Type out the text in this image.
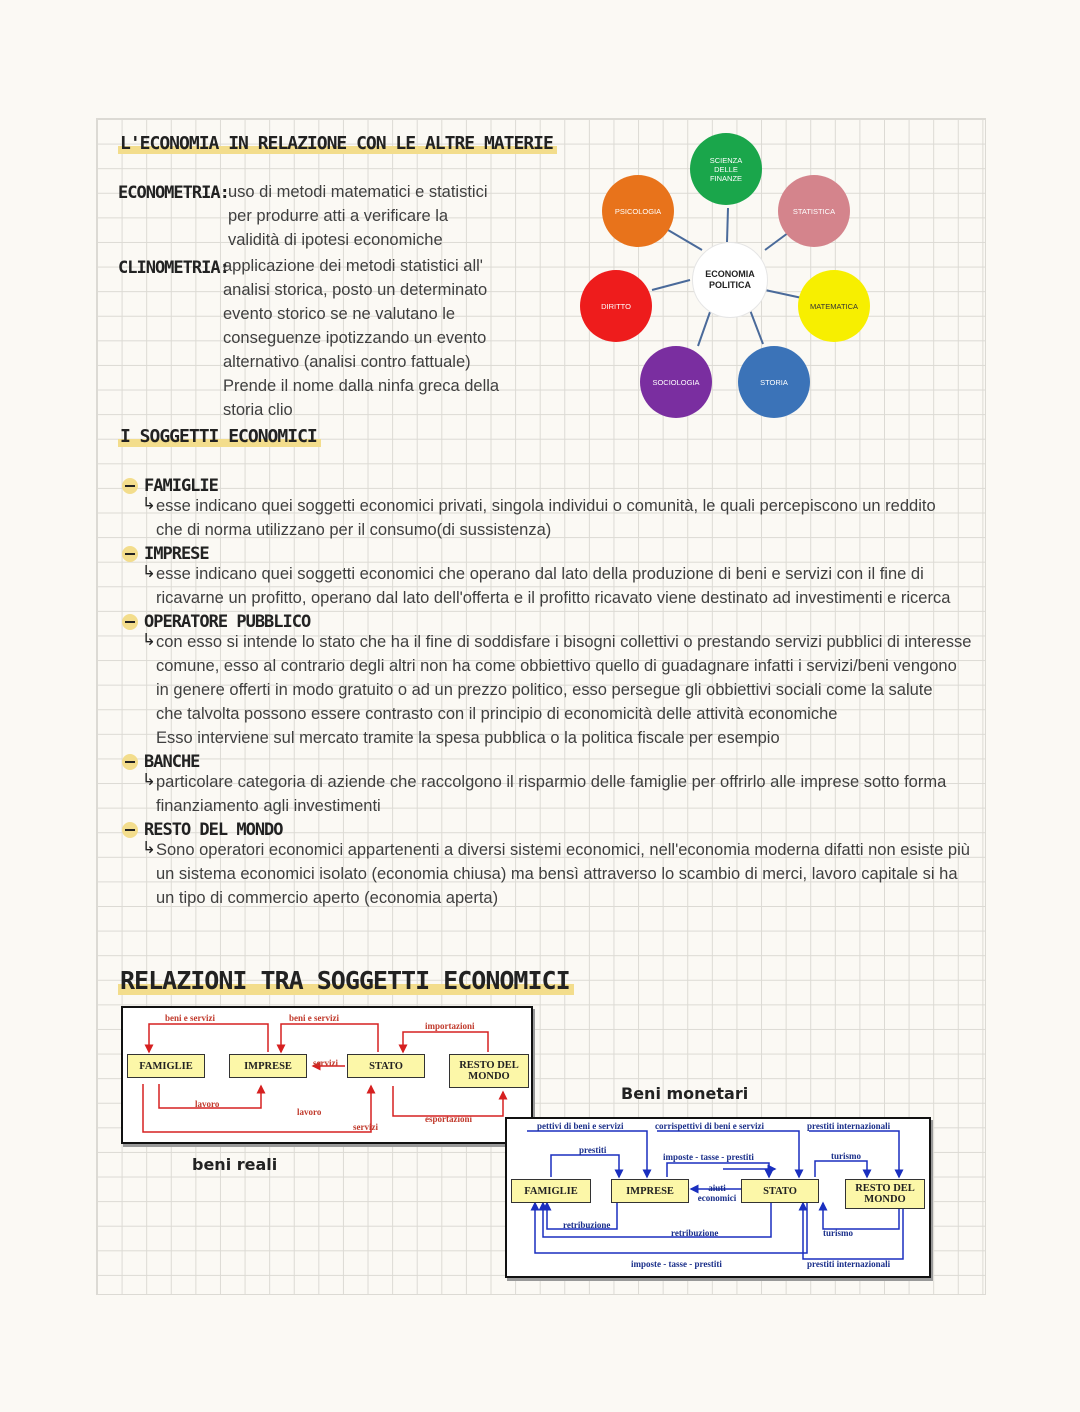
L'ECONOMIA IN RELAZIONE CON LE ALTRE MATERIE
ECONOMETRIA: uso di metodi matematici e statistici
per produrre atti a verificare la
validità di ipotesi economiche
CLINOMETRIA:
applicazione dei metodi statistici all'
analisi storica, posto un determinato
evento storico se ne valutano le
conseguenze ipotizzando un evento
alternativo (analisi contro fattuale)
Prende il nome dalla ninfa greca della
storia clio
SCIENZA DELLE FINANZE
STATISTICA
MATEMATICA
STORIA
SOCIOLOGIA
DIRITTO
PSICOLOGIA
ECONOMIA POLITICA
I SOGGETTI ECONOMICI
FAMIGLIE
↳ esse indicano quei soggetti economici privati, singola individui o comunità, le quali percepiscono un reddito
che di norma utilizzano per il consumo(di sussistenza)
IMPRESE
↳ esse indicano quei soggetti economici che operano dal lato della produzione di beni e servizi con il fine di
ricavarne un profitto, operano dal lato dell'offerta e il profitto ricavato viene destinato ad investimenti e ricerca
OPERATORE PUBBLICO
↳ con esso si intende lo stato che ha il fine di soddisfare i bisogni collettivi o prestando servizi pubblici di interesse
comune, esso al contrario degli altri non ha come obbiettivo quello di guadagnare infatti i servizi/beni vengono
in genere offerti in modo gratuito o ad un prezzo politico, esso persegue gli obbiettivi sociali come la salute
che talvolta possono essere contrasto con il principio di economicità delle attività economiche
Esso interviene sul mercato tramite la spesa pubblica o la politica fiscale per esempio
BANCHE
↳ particolare categoria di aziende che raccolgono il risparmio delle famiglie per offrirlo alle imprese sotto forma
finanziamento agli investimenti
RESTO DEL MONDO
↳ Sono operatori economici appartenenti a diversi sistemi economici, nell'economia moderna difatti non esiste più
un sistema economici isolato (economia chiusa) ma bensì attraverso lo scambio di merci, lavoro capitale si ha
un tipo di commercio aperto (economia aperta)
RELAZIONI TRA SOGGETTI ECONOMICI
FAMIGLIE	IMPRESE	STATO	RESTO DEL MONDO
beni e servizi	beni e servizi
importazioni
servizi
lavoro
lavoro
servizi
esportazioni
beni reali
Beni monetari
FAMIGLIE	IMPRESE	STATO	RESTO DEL MONDO
pettivi di beni e servizi	corrispettivi di beni e servizi	prestiti internazionali
prestiti
imposte - tasse - prestiti	turismo
aiuti economici
retribuzione
retribuzione	turismo
imposte - tasse - prestiti	prestiti internazionali
